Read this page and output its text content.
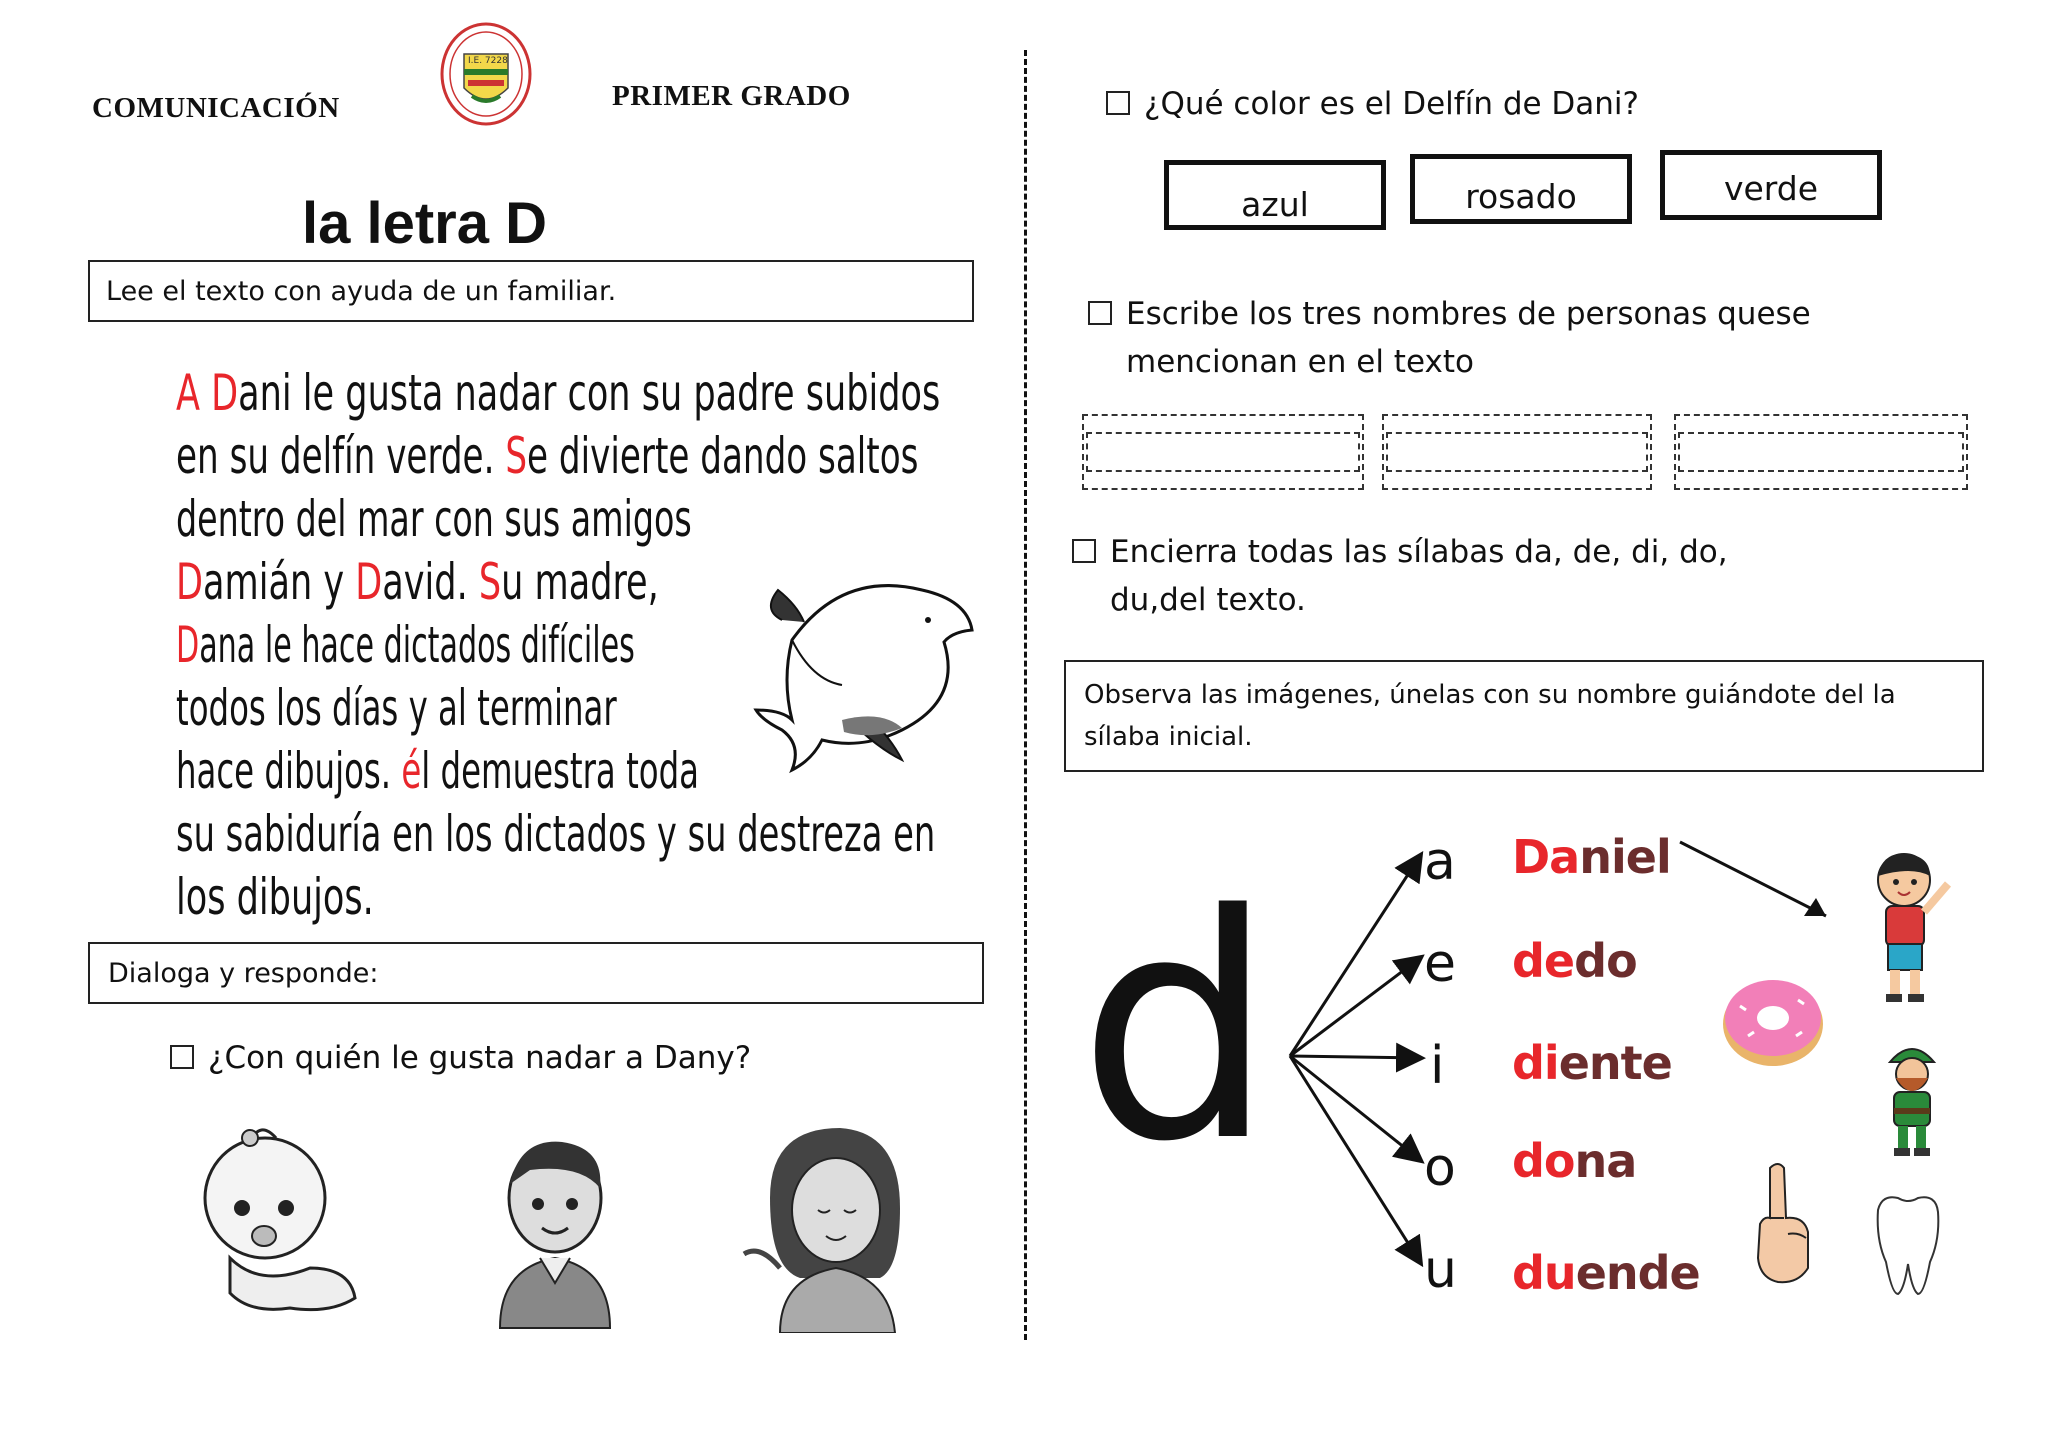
COMUNICACIÓN
I.E. 7228
PRIMER GRADO
la letra D
Lee el texto con ayuda de un familiar.
A Dani le gusta nadar con su padre subidos
en su delfín verde. Se divierte dando saltos
dentro del mar con sus amigos
Damián y David. Su madre,
Dana le hace dictados difíciles
todos los días y al terminar
hace dibujos. él demuestra toda
su sabiduría en los dictados y su destreza en
los dibujos.
Dialoga y responde:
¿Con quién le gusta nadar a Dany?
¿Qué color es el Delfín de Dani?
azul	rosado	verde
Escribe los tres nombres de personas quese
mencionan en el texto
Encierra todas las sílabas da, de, di, do,
du,del texto.
Observa las imágenes, únelas con su nombre guiándote del la sílaba inicial.
d	a
e
i
o
u
Daniel
dedo
diente
dona
duende
